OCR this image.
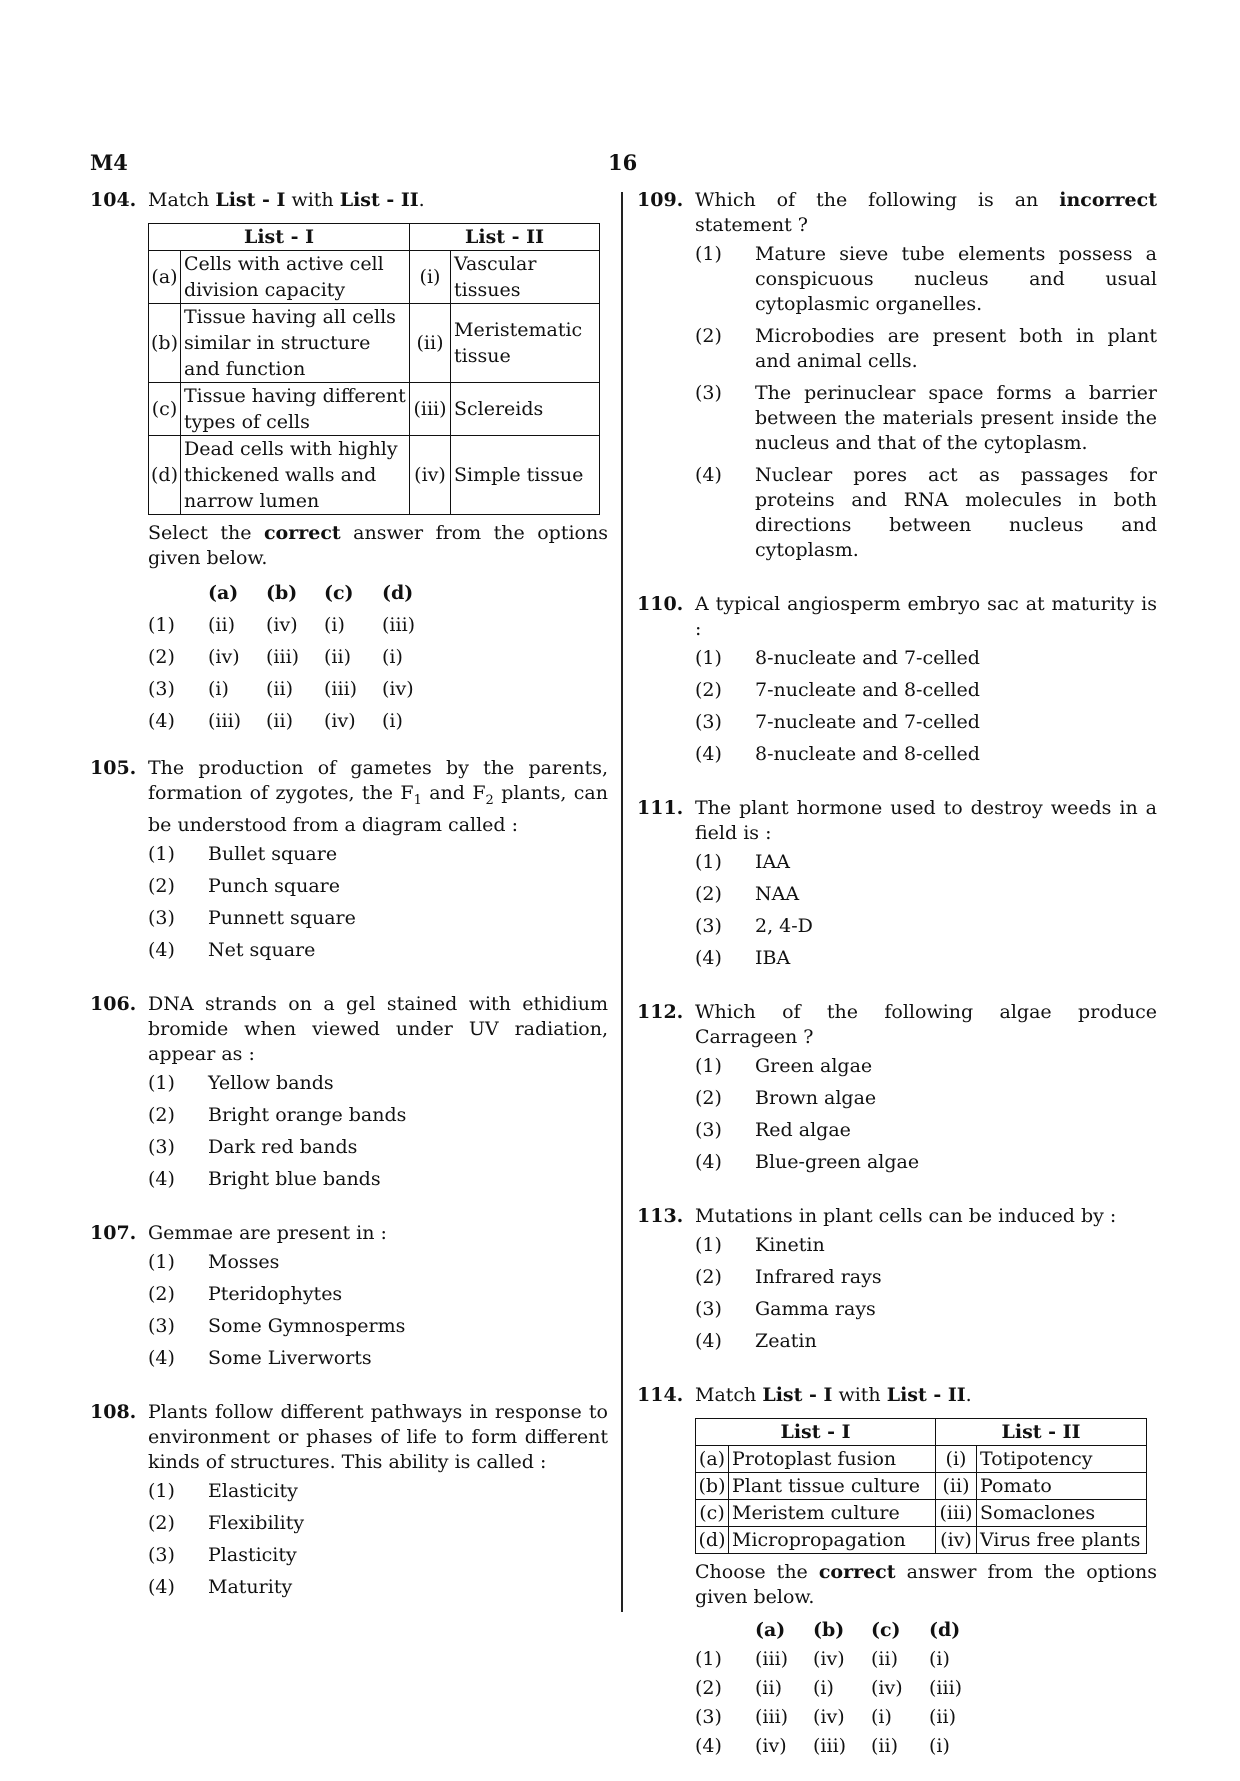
M4	16
104. Match List - I with List - II.
List - I		List - II	
(a)	Cells with active cell division capacity	(i)	Vascular tissues
(b)	Tissue having all cells similar in structure and function	(ii)	Meristematic tissue
(c)	Tissue having different types of cells	(iii)	Sclereids
(d)	Dead cells with highly thickened walls and narrow lumen	(iv)	Simple tissue
Select the correct answer from the options given below.
(a)	(b)	(c)	(d)
(1)	(ii)	(iv)	(i)	(iii)
(2)	(iv)	(iii)	(ii)	(i)
(3)	(i)	(ii)	(iii)	(iv)
(4)	(iii)	(ii)	(iv)	(i)
105. The production of gametes by the parents, formation of zygotes, the $F_1$ and $F_2$ plants, can be understood from a diagram called :
(1)	Bullet square
(2)	Punch square
(3)	Punnett square
(4)	Net square
106. DNA strands on a gel stained with ethidium bromide when viewed under UV radiation, appear as :
(1)	Yellow bands
(2)	Bright orange bands
(3)	Dark red bands
(4)	Bright blue bands
107. Gemmae are present in :
(1)	Mosses
(2)	Pteridophytes
(3)	Some Gymnosperms
(4)	Some Liverworts
108. Plants follow different pathways in response to environment or phases of life to form different kinds of structures. This ability is called :
(1)	Elasticity
(2)	Flexibility
(3)	Plasticity
(4)	Maturity
109. Which of the following is an incorrect statement ?
(1)	Mature sieve tube elements possess a conspicuous nucleus and usual cytoplasmic organelles.
(2)	Microbodies are present both in plant and animal cells.
(3)	The perinuclear space forms a barrier between the materials present inside the nucleus and that of the cytoplasm.
(4)	Nuclear pores act as passages for proteins and RNA molecules in both directions between nucleus and cytoplasm.
110. A typical angiosperm embryo sac at maturity is :
(1)	8-nucleate and 7-celled
(2)	7-nucleate and 8-celled
(3)	7-nucleate and 7-celled
(4)	8-nucleate and 8-celled
111. The plant hormone used to destroy weeds in a field is :
(1)	IAA
(2)	NAA
(3)	2, 4-D
(4)	IBA
112. Which of the following algae produce Carrageen ?
(1)	Green algae
(2)	Brown algae
(3)	Red algae
(4)	Blue-green algae
113. Mutations in plant cells can be induced by :
(1)	Kinetin
(2)	Infrared rays
(3)	Gamma rays
(4)	Zeatin
114. Match List - I with List - II.
List - I		List - II	
(a)	Protoplast fusion	(i)	Totipotency
(b)	Plant tissue culture	(ii)	Pomato
(c)	Meristem culture	(iii)	Somaclones
(d)	Micropropagation	(iv)	Virus free plants
Choose the correct answer from the options given below.
(a)	(b)	(c)	(d)
(1)	(iii)	(iv)	(ii)	(i)
(2)	(ii)	(i)	(iv)	(iii)
(3)	(iii)	(iv)	(i)	(ii)
(4)	(iv)	(iii)	(ii)	(i)
